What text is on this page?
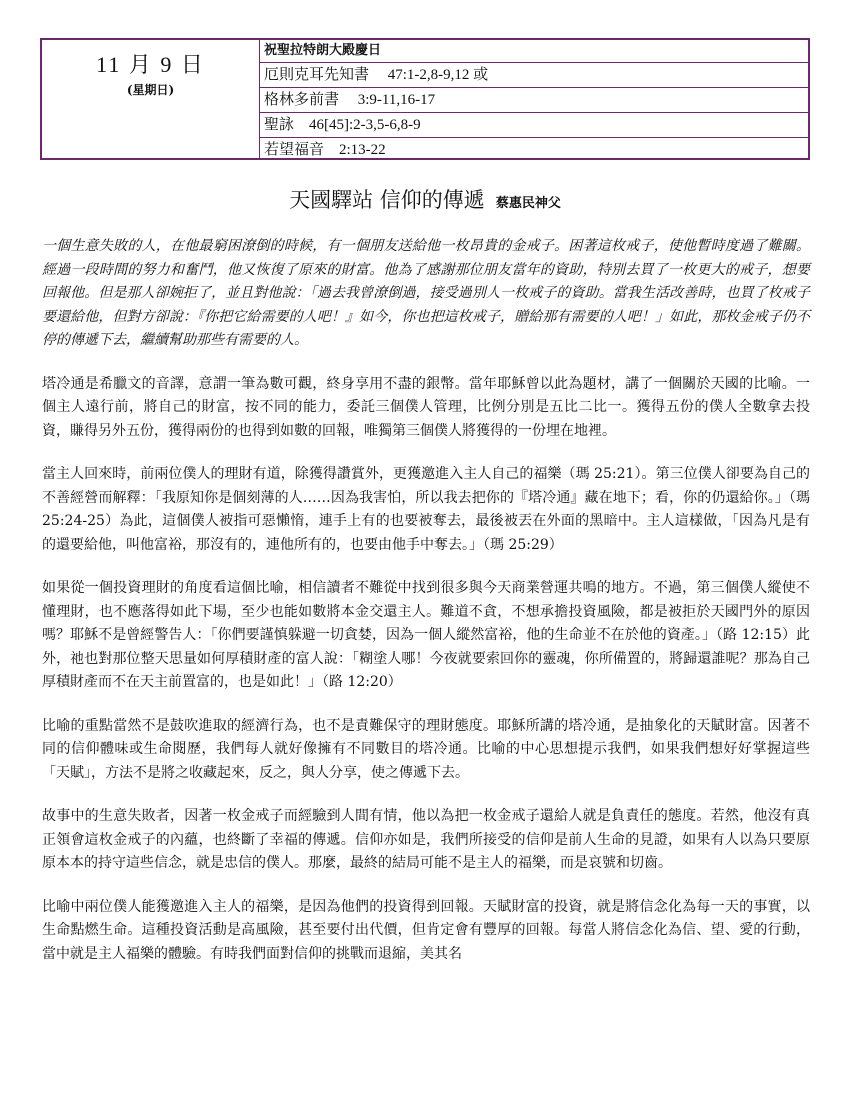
11 月 9 日
(星期日)
祝聖拉特朗大殿慶日
厄則克耳先知書　 47:1-2,8-9,12 或
格林多前書　 3:9-11,16-17
聖詠　46[45]:2-3,5-6,8-9
若望福音　2:13-22
天國驛站 信仰的傳遞 蔡惠民神父

一個生意失敗的人，在他最窮困潦倒的時候，有一個朋友送給他一枚昂貴的金戒子。困著這枚戒子，使他暫時度過了難關。經過一段時間的努力和奮鬥，他又恢復了原來的財富。他為了感謝那位朋友當年的資助，特別去買了一枚更大的戒子，想要回報他。但是那人卻婉拒了，並且對他說：「過去我曾潦倒過，接受過別人一枚戒子的資助。當我生活改善時，也買了枚戒子要還給他，但對方卻說：『你把它給需要的人吧！』如今，你也把這枚戒子，贈給那有需要的人吧！」如此，那枚金戒子仍不停的傳遞下去，繼續幫助那些有需要的人。

塔冷通是希臘文的音譯，意謂一筆為數可觀，終身享用不盡的銀幣。當年耶穌曾以此為題材，講了一個關於天國的比喻。一個主人遠行前，將自己的財富，按不同的能力，委託三個僕人管理，比例分別是五比二比一。獲得五份的僕人全數拿去投資，賺得另外五份，獲得兩份的也得到如數的回報，唯獨第三個僕人將獲得的一份埋在地裡。

當主人回來時，前兩位僕人的理財有道，除獲得讚賞外，更獲邀進入主人自己的福樂（瑪 25:21）。第三位僕人卻要為自己的不善經營而解釋：「我原知你是個刻薄的人……因為我害怕，所以我去把你的『塔冷通』藏在地下；看，你的仍還給你。」（瑪 25:24-25）為此，這個僕人被指可惡懶惰，連手上有的也要被奪去，最後被丟在外面的黑暗中。主人這樣做，「因為凡是有的還要給他，叫他富裕，那沒有的，連他所有的，也要由他手中奪去。」（瑪 25:29）

如果從一個投資理財的角度看這個比喻，相信讀者不難從中找到很多與今天商業營運共鳴的地方。不過，第三個僕人縱使不懂理財，也不應落得如此下場，至少也能如數將本金交還主人。難道不貪，不想承擔投資風險，都是被拒於天國門外的原因嗎？耶穌不是曾經警告人：「你們要謹慎躲避一切貪婪，因為一個人縱然富裕，他的生命並不在於他的資產。」（路 12:15）此外，祂也對那位整天思量如何厚積財產的富人說：「糊塗人哪！今夜就要索回你的靈魂，你所備置的，將歸還誰呢？那為自己厚積財產而不在天主前置富的，也是如此！」（路 12:20）

比喻的重點當然不是鼓吹進取的經濟行為，也不是責難保守的理財態度。耶穌所講的塔冷通，是抽象化的天賦財富。因著不同的信仰體味或生命閱歷，我們每人就好像擁有不同數目的塔冷通。比喻的中心思想提示我們，如果我們想好好掌握這些「天賦」，方法不是將之收藏起來，反之，與人分享，使之傳遞下去。

故事中的生意失敗者，因著一枚金戒子而經驗到人間有情，他以為把一枚金戒子還給人就是負責任的態度。若然，他沒有真正領會這枚金戒子的內蘊，也終斷了幸福的傳遞。信仰亦如是，我們所接受的信仰是前人生命的見證，如果有人以為只要原原本本的持守這些信念，就是忠信的僕人。那麼，最終的結局可能不是主人的福樂，而是哀號和切齒。

比喻中兩位僕人能獲邀進入主人的福樂，是因為他們的投資得到回報。天賦財富的投資，就是將信念化為每一天的事實，以生命點燃生命。這種投資活動是高風險，甚至要付出代價，但肯定會有豐厚的回報。每當人將信念化為信、望、愛的行動，當中就是主人福樂的體驗。有時我們面對信仰的挑戰而退縮，美其名
